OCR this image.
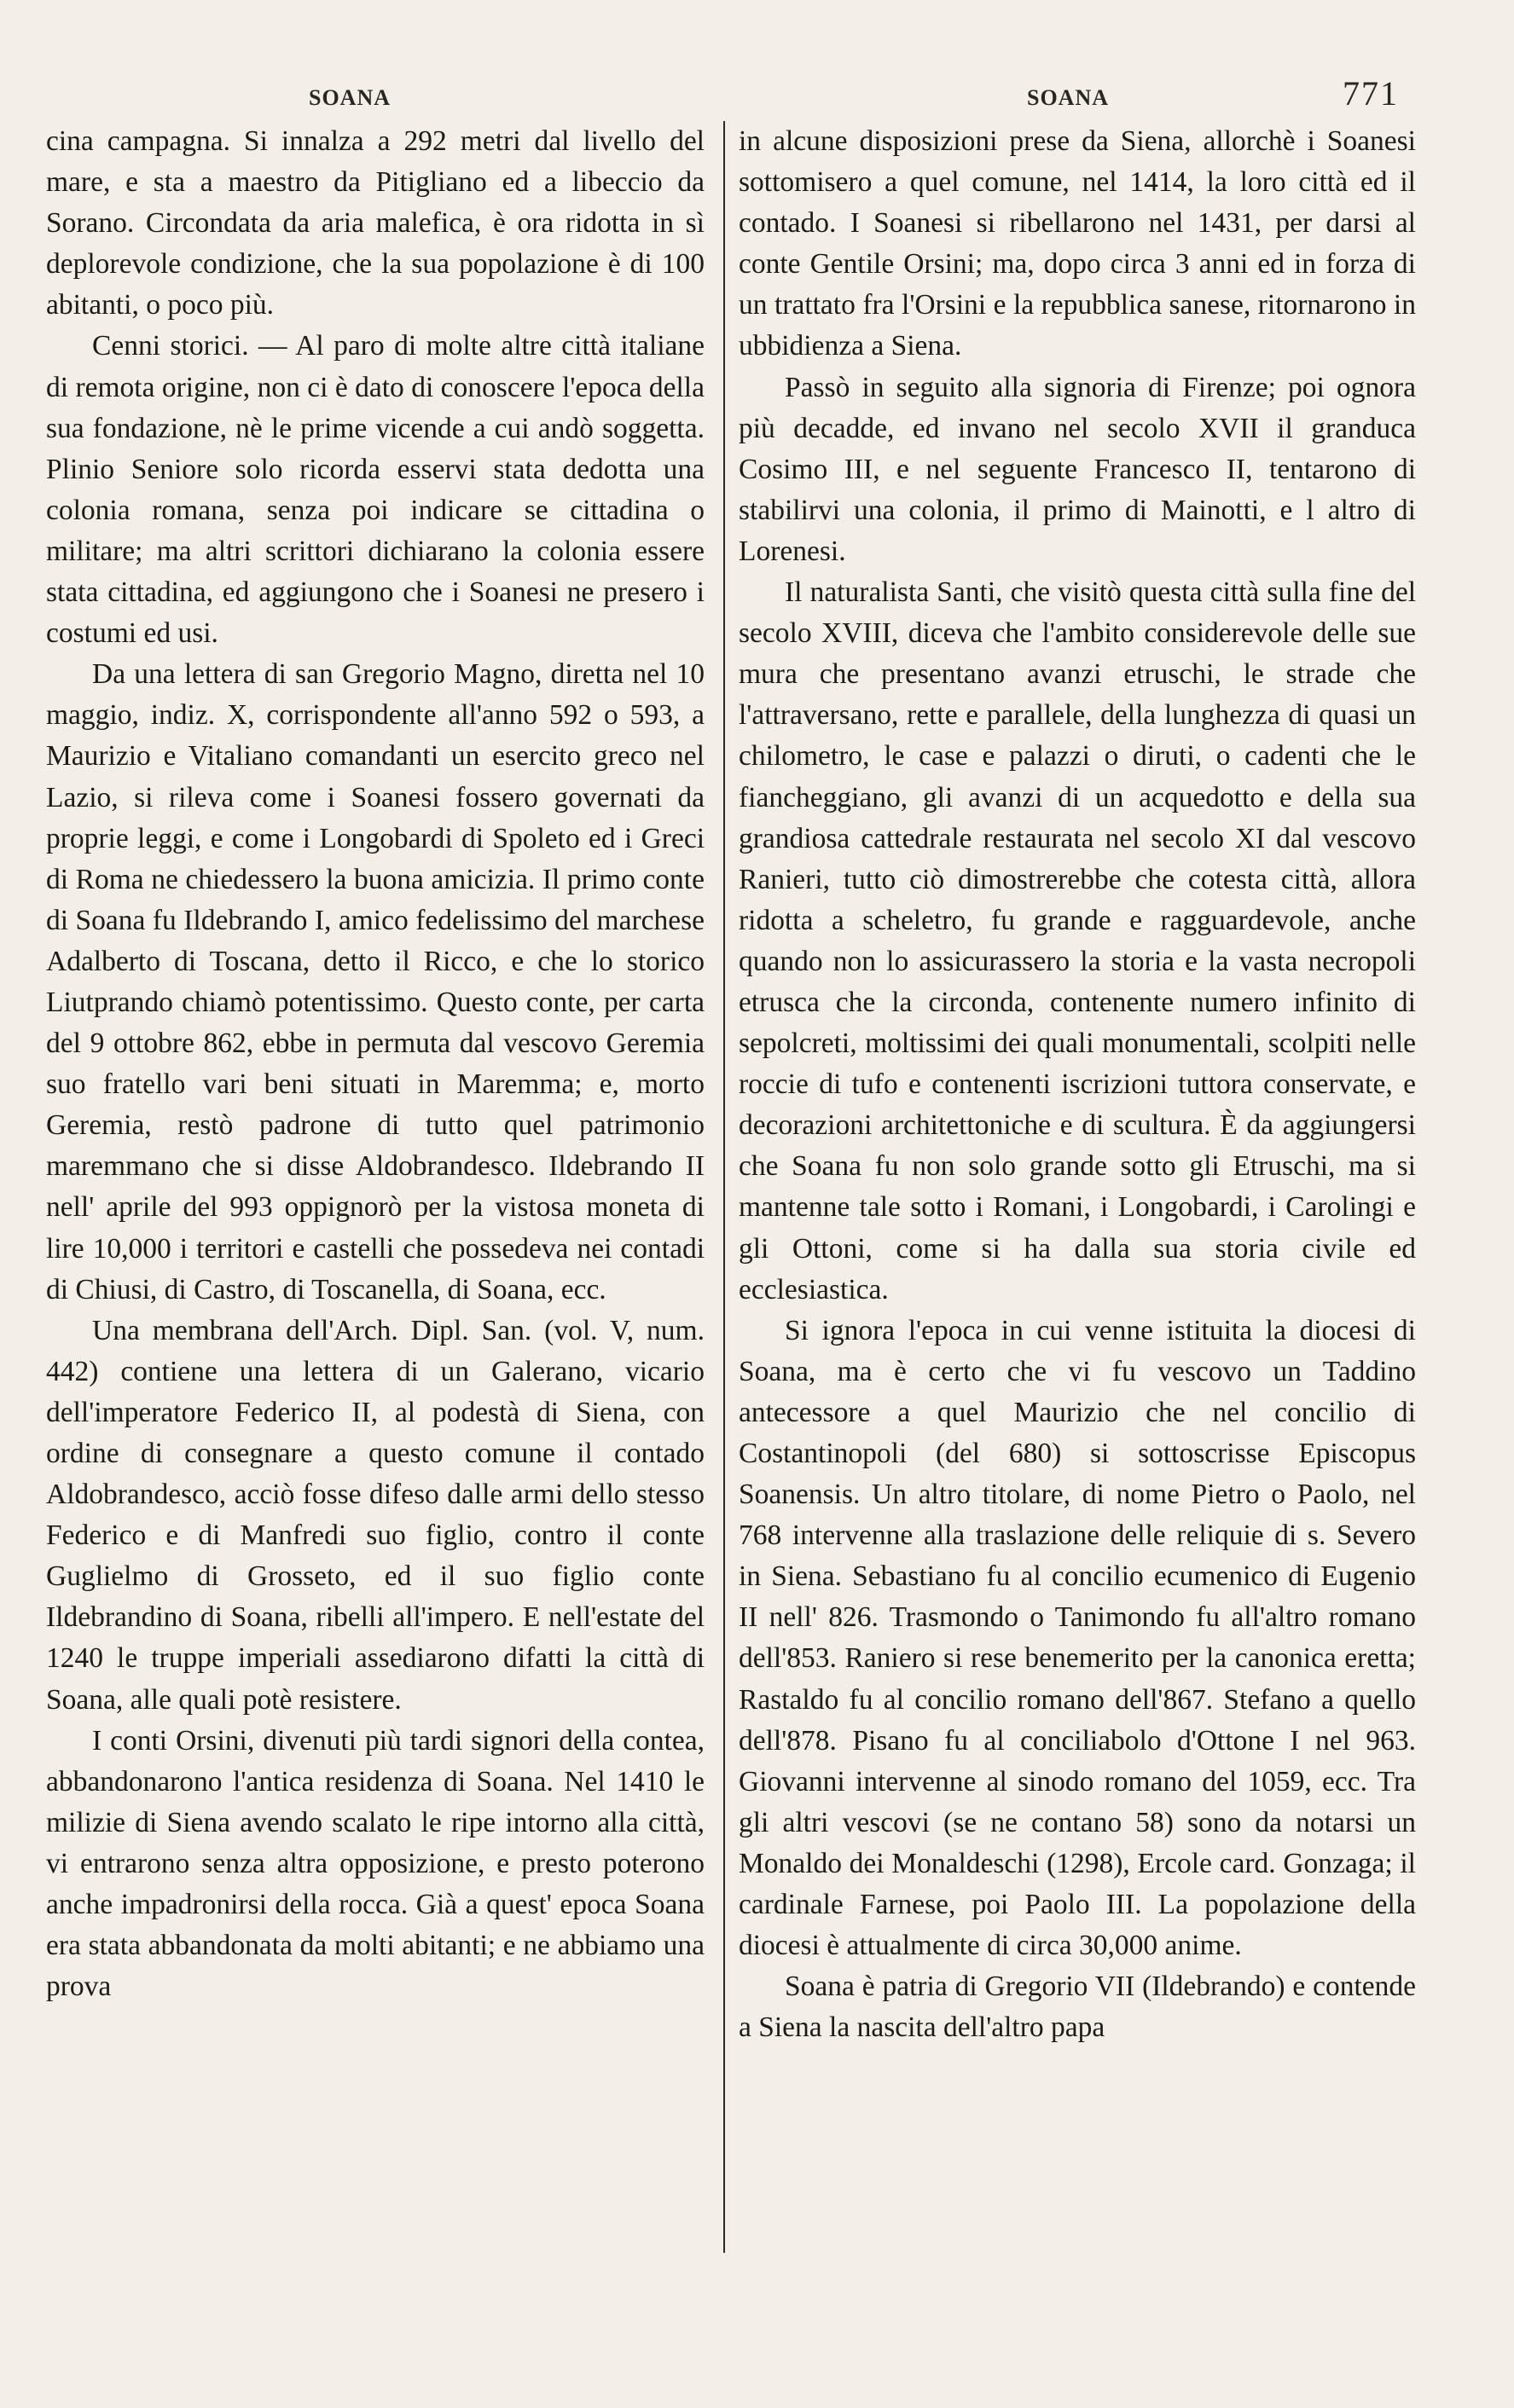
SOANA	SOANA	771

cina campagna. Si innalza a 292 metri dal livello del mare, e sta a maestro da Pitigliano ed a libeccio da Sorano. Circondata da aria malefica, è ora ridotta in sì deplorevole condizione, che la sua popolazione è di 100 abitanti, o poco più.

Cenni storici. — Al paro di molte altre città italiane di remota origine, non ci è dato di conoscere l'epoca della sua fondazione, nè le prime vicende a cui andò soggetta. Plinio Seniore solo ricorda esservi stata dedotta una colonia romana, senza poi indicare se cittadina o militare; ma altri scrittori dichiarano la colonia essere stata cittadina, ed aggiungono che i Soanesi ne presero i costumi ed usi.

Da una lettera di san Gregorio Magno, diretta nel 10 maggio, indiz. X, corrispondente all'anno 592 o 593, a Maurizio e Vitaliano comandanti un esercito greco nel Lazio, si rileva come i Soanesi fossero governati da proprie leggi, e come i Longobardi di Spoleto ed i Greci di Roma ne chiedessero la buona amicizia. Il primo conte di Soana fu Ildebrando I, amico fedelissimo del marchese Adalberto di Toscana, detto il Ricco, e che lo storico Liutprando chiamò potentissimo. Questo conte, per carta del 9 ottobre 862, ebbe in permuta dal vescovo Geremia suo fratello vari beni situati in Maremma; e, morto Geremia, restò padrone di tutto quel patrimonio maremmano che si disse Aldobrandesco. Ildebrando II nell' aprile del 993 oppignorò per la vistosa moneta di lire 10,000 i territori e castelli che possedeva nei contadi di Chiusi, di Castro, di Toscanella, di Soana, ecc.

Una membrana dell'Arch. Dipl. San. (vol. V, num. 442) contiene una lettera di un Galerano, vicario dell'imperatore Federico II, al podestà di Siena, con ordine di consegnare a questo comune il contado Aldobrandesco, acciò fosse difeso dalle armi dello stesso Federico e di Manfredi suo figlio, contro il conte Guglielmo di Grosseto, ed il suo figlio conte Ildebrandino di Soana, ribelli all'impero. E nell'estate del 1240 le truppe imperiali assediarono difatti la città di Soana, alle quali potè resistere.

I conti Orsini, divenuti più tardi signori della contea, abbandonarono l'antica residenza di Soana. Nel 1410 le milizie di Siena avendo scalato le ripe intorno alla città, vi entrarono senza altra opposizione, e presto poterono anche impadronirsi della rocca. Già a quest' epoca Soana era stata abbandonata da molti abitanti; e ne abbiamo una prova

in alcune disposizioni prese da Siena, allorchè i Soanesi sottomisero a quel comune, nel 1414, la loro città ed il contado. I Soanesi si ribellarono nel 1431, per darsi al conte Gentile Orsini; ma, dopo circa 3 anni ed in forza di un trattato fra l'Orsini e la repubblica sanese, ritornarono in ubbidienza a Siena.

Passò in seguito alla signoria di Firenze; poi ognora più decadde, ed invano nel secolo XVII il granduca Cosimo III, e nel seguente Francesco II, tentarono di stabilirvi una colonia, il primo di Mainotti, e l altro di Lorenesi.

Il naturalista Santi, che visitò questa città sulla fine del secolo XVIII, diceva che l'ambito considerevole delle sue mura che presentano avanzi etruschi, le strade che l'attraversano, rette e parallele, della lunghezza di quasi un chilometro, le case e palazzi o diruti, o cadenti che le fiancheggiano, gli avanzi di un acquedotto e della sua grandiosa cattedrale restaurata nel secolo XI dal vescovo Ranieri, tutto ciò dimostrerebbe che cotesta città, allora ridotta a scheletro, fu grande e ragguardevole, anche quando non lo assicurassero la storia e la vasta necropoli etrusca che la circonda, contenente numero infinito di sepolcreti, moltissimi dei quali monumentali, scolpiti nelle roccie di tufo e contenenti iscrizioni tuttora conservate, e decorazioni architettoniche e di scultura. È da aggiungersi che Soana fu non solo grande sotto gli Etruschi, ma si mantenne tale sotto i Romani, i Longobardi, i Carolingi e gli Ottoni, come si ha dalla sua storia civile ed ecclesiastica.

Si ignora l'epoca in cui venne istituita la diocesi di Soana, ma è certo che vi fu vescovo un Taddino antecessore a quel Maurizio che nel concilio di Costantinopoli (del 680) si sottoscrisse Episcopus Soanensis. Un altro titolare, di nome Pietro o Paolo, nel 768 intervenne alla traslazione delle reliquie di s. Severo in Siena. Sebastiano fu al concilio ecumenico di Eugenio II nell' 826. Trasmondo o Tanimondo fu all'altro romano dell'853. Raniero si rese benemerito per la canonica eretta; Rastaldo fu al concilio romano dell'867. Stefano a quello dell'878. Pisano fu al conciliabolo d'Ottone I nel 963. Giovanni intervenne al sinodo romano del 1059, ecc. Tra gli altri vescovi (se ne contano 58) sono da notarsi un Monaldo dei Monaldeschi (1298), Ercole card. Gonzaga; il cardinale Farnese, poi Paolo III. La popolazione della diocesi è attualmente di circa 30,000 anime.

Soana è patria di Gregorio VII (Ildebrando) e contende a Siena la nascita dell'altro papa
